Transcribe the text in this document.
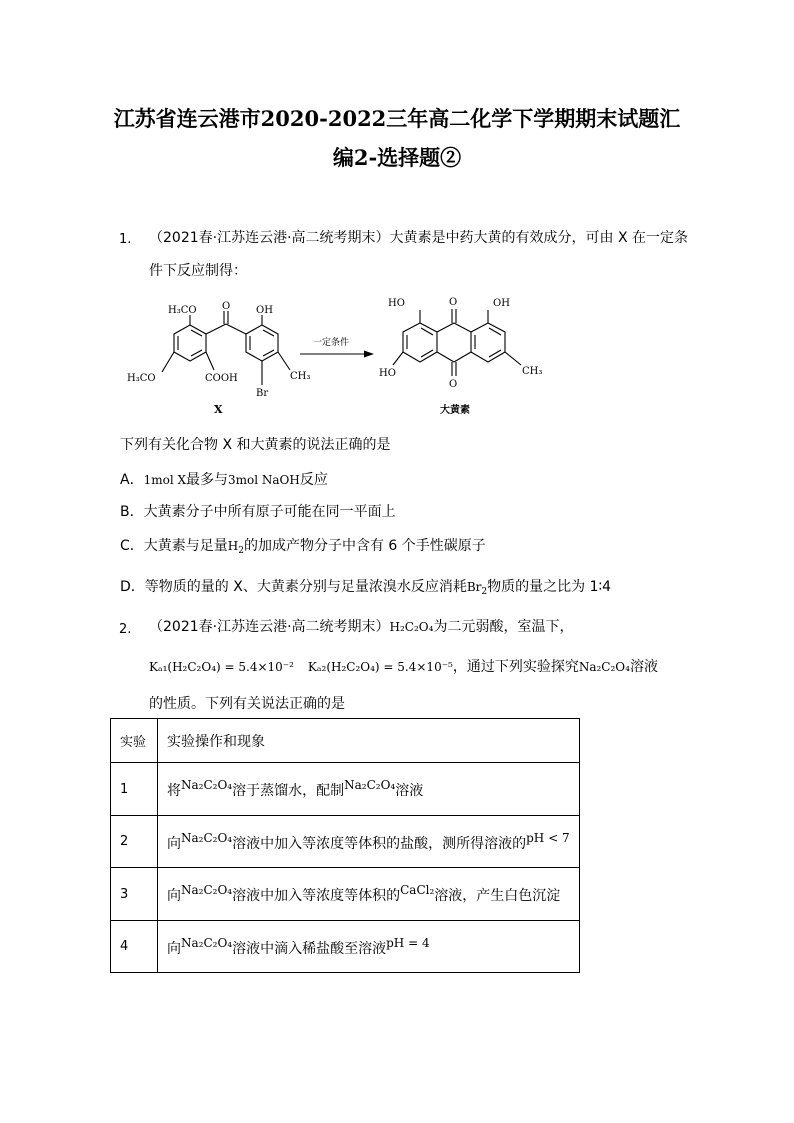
江苏省连云港市2020-2022三年高二化学下学期期末试题汇
编2-选择题②
1. （2021春·江苏连云港·高二统考期末）大黄素是中药大黄的有效成分，可由 X 在一定条
件下反应制得：
H₃CO	O	OH
H₃CO	COOH	CH₃
Br
X
一定条件
O
HO	OH
HO	CH₃
O
大黄素
下列有关化合物 X 和大黄素的说法正确的是
A．1mol X最多与3mol NaOH反应
B．大黄素分子中所有原子可能在同一平面上
C．大黄素与足量$H_2$的加成产物分子中含有 6 个手性碳原子
D．等物质的量的 X、大黄素分别与足量浓溴水反应消耗$Br_2$物质的量之比为 1∶4
2. （2021春·江苏连云港·高二统考期末）H₂C₂O₄为二元弱酸，室温下，
Kₐ₁(H₂C₂O₄) = 5.4×10⁻² Kₐ₂(H₂C₂O₄) = 5.4×10⁻⁵，通过下列实验探究Na₂C₂O₄溶液
的性质。下列有关说法正确的是
实验	实验操作和现象
1	将Na₂C₂O₄溶于蒸馏水，配制Na₂C₂O₄溶液
2	向Na₂C₂O₄溶液中加入等浓度等体积的盐酸，测所得溶液的pH < 7
3	向Na₂C₂O₄溶液中加入等浓度等体积的CaCl₂溶液，产生白色沉淀
4	向Na₂C₂O₄溶液中滴入稀盐酸至溶液pH = 4
